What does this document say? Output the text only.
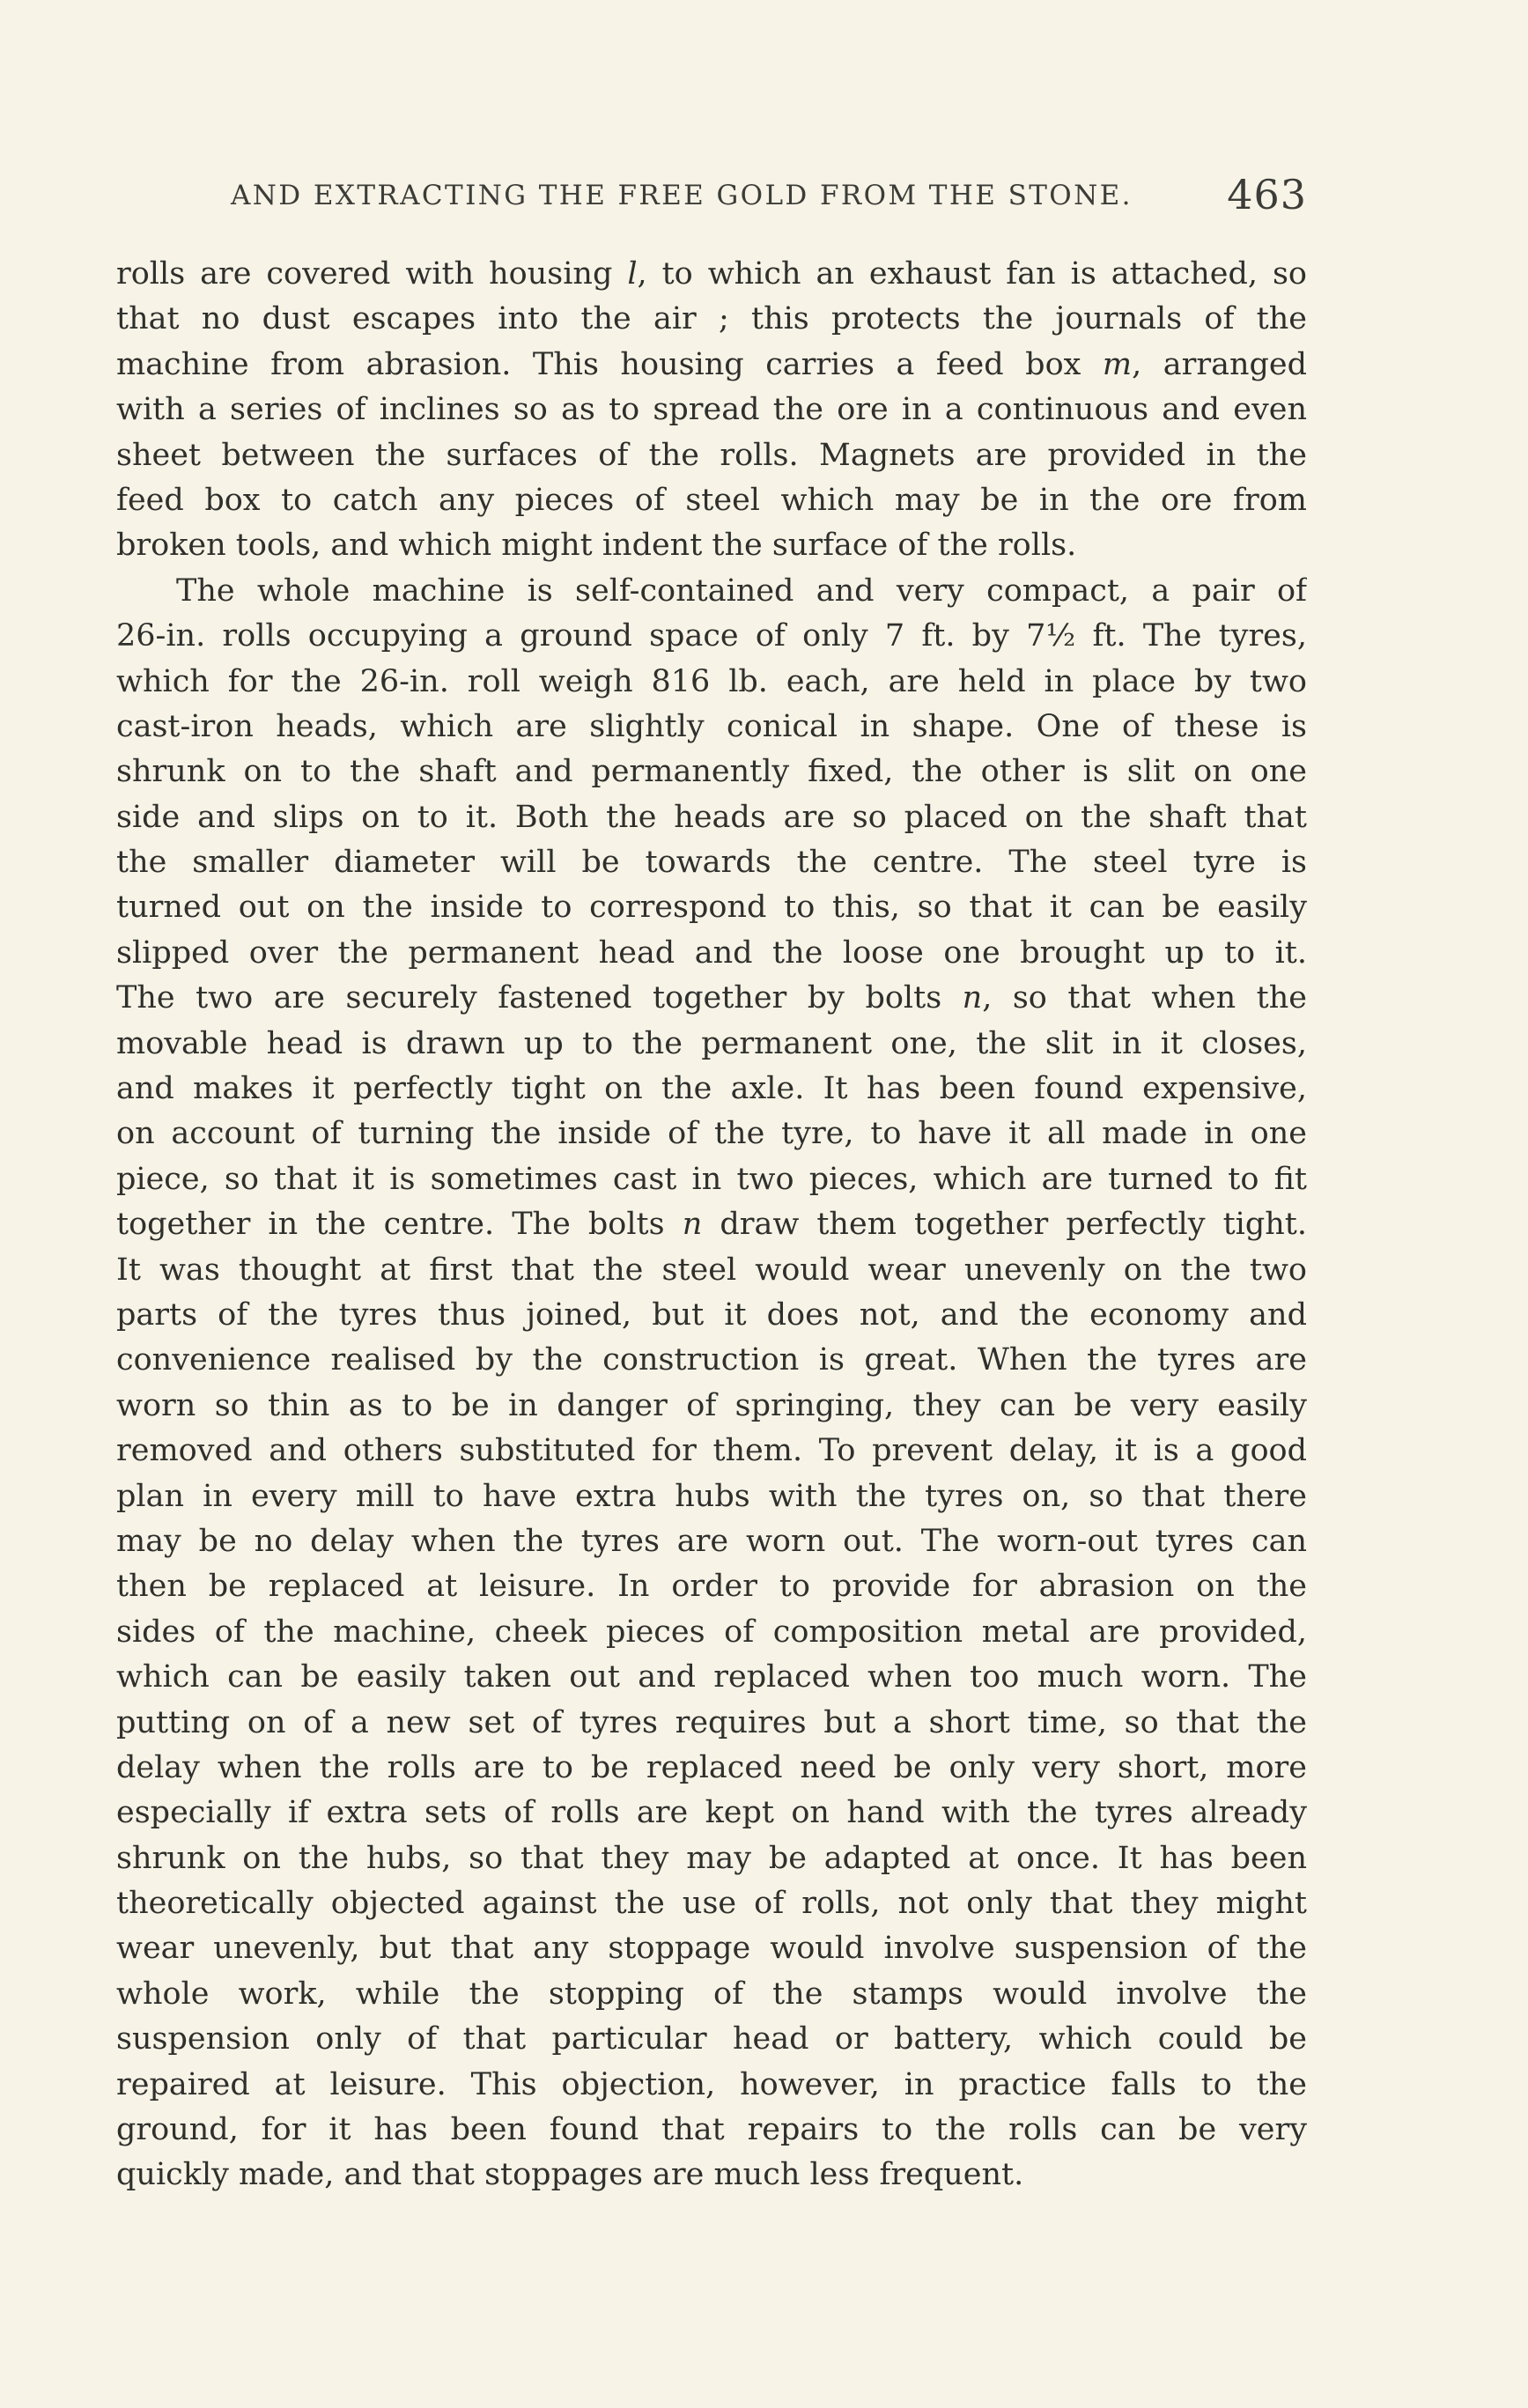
AND EXTRACTING THE FREE GOLD FROM THE STONE. 463
rolls are covered with housing l, to which an exhaust fan is attached, so
that no dust escapes into the air ; this protects the journals of the
machine from abrasion. This housing carries a feed box m, arranged
with a series of inclines so as to spread the ore in a continuous and even
sheet between the surfaces of the rolls. Magnets are provided in the
feed box to catch any pieces of steel which may be in the ore from
broken tools, and which might indent the surface of the rolls.
The whole machine is self-contained and very compact, a pair of
26-in. rolls occupying a ground space of only 7 ft. by 7½ ft. The tyres,
which for the 26-in. roll weigh 816 lb. each, are held in place by two
cast-iron heads, which are slightly conical in shape. One of these is
shrunk on to the shaft and permanently fixed, the other is slit on one
side and slips on to it. Both the heads are so placed on the shaft that
the smaller diameter will be towards the centre. The steel tyre is
turned out on the inside to correspond to this, so that it can be easily
slipped over the permanent head and the loose one brought up to it.
The two are securely fastened together by bolts n, so that when the
movable head is drawn up to the permanent one, the slit in it closes,
and makes it perfectly tight on the axle. It has been found expensive,
on account of turning the inside of the tyre, to have it all made in one
piece, so that it is sometimes cast in two pieces, which are turned to fit
together in the centre. The bolts n draw them together perfectly tight.
It was thought at first that the steel would wear unevenly on the two
parts of the tyres thus joined, but it does not, and the economy and
convenience realised by the construction is great. When the tyres are
worn so thin as to be in danger of springing, they can be very easily
removed and others substituted for them. To prevent delay, it is a good
plan in every mill to have extra hubs with the tyres on, so that there
may be no delay when the tyres are worn out. The worn-out tyres can
then be replaced at leisure. In order to provide for abrasion on the
sides of the machine, cheek pieces of composition metal are provided,
which can be easily taken out and replaced when too much worn. The
putting on of a new set of tyres requires but a short time, so that the
delay when the rolls are to be replaced need be only very short, more
especially if extra sets of rolls are kept on hand with the tyres already
shrunk on the hubs, so that they may be adapted at once. It has been
theoretically objected against the use of rolls, not only that they might
wear unevenly, but that any stoppage would involve suspension of the
whole work, while the stopping of the stamps would involve the
suspension only of that particular head or battery, which could be
repaired at leisure. This objection, however, in practice falls to the
ground, for it has been found that repairs to the rolls can be very
quickly made, and that stoppages are much less frequent.
